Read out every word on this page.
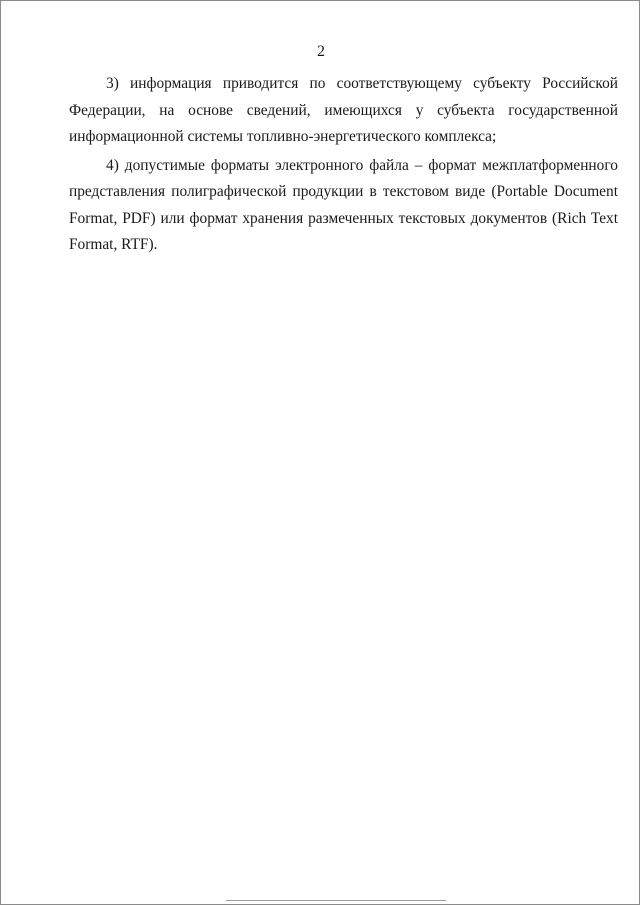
2

3) информация приводится по соответствующему субъекту Российской Федерации, на основе сведений, имеющихся у субъекта государственной информационной системы топливно-энергетического комплекса;

4) допустимые форматы электронного файла – формат межплатформенного представления полиграфической продукции в текстовом виде (Portable Document Format, PDF) или формат хранения размеченных текстовых документов (Rich Text Format, RTF).
